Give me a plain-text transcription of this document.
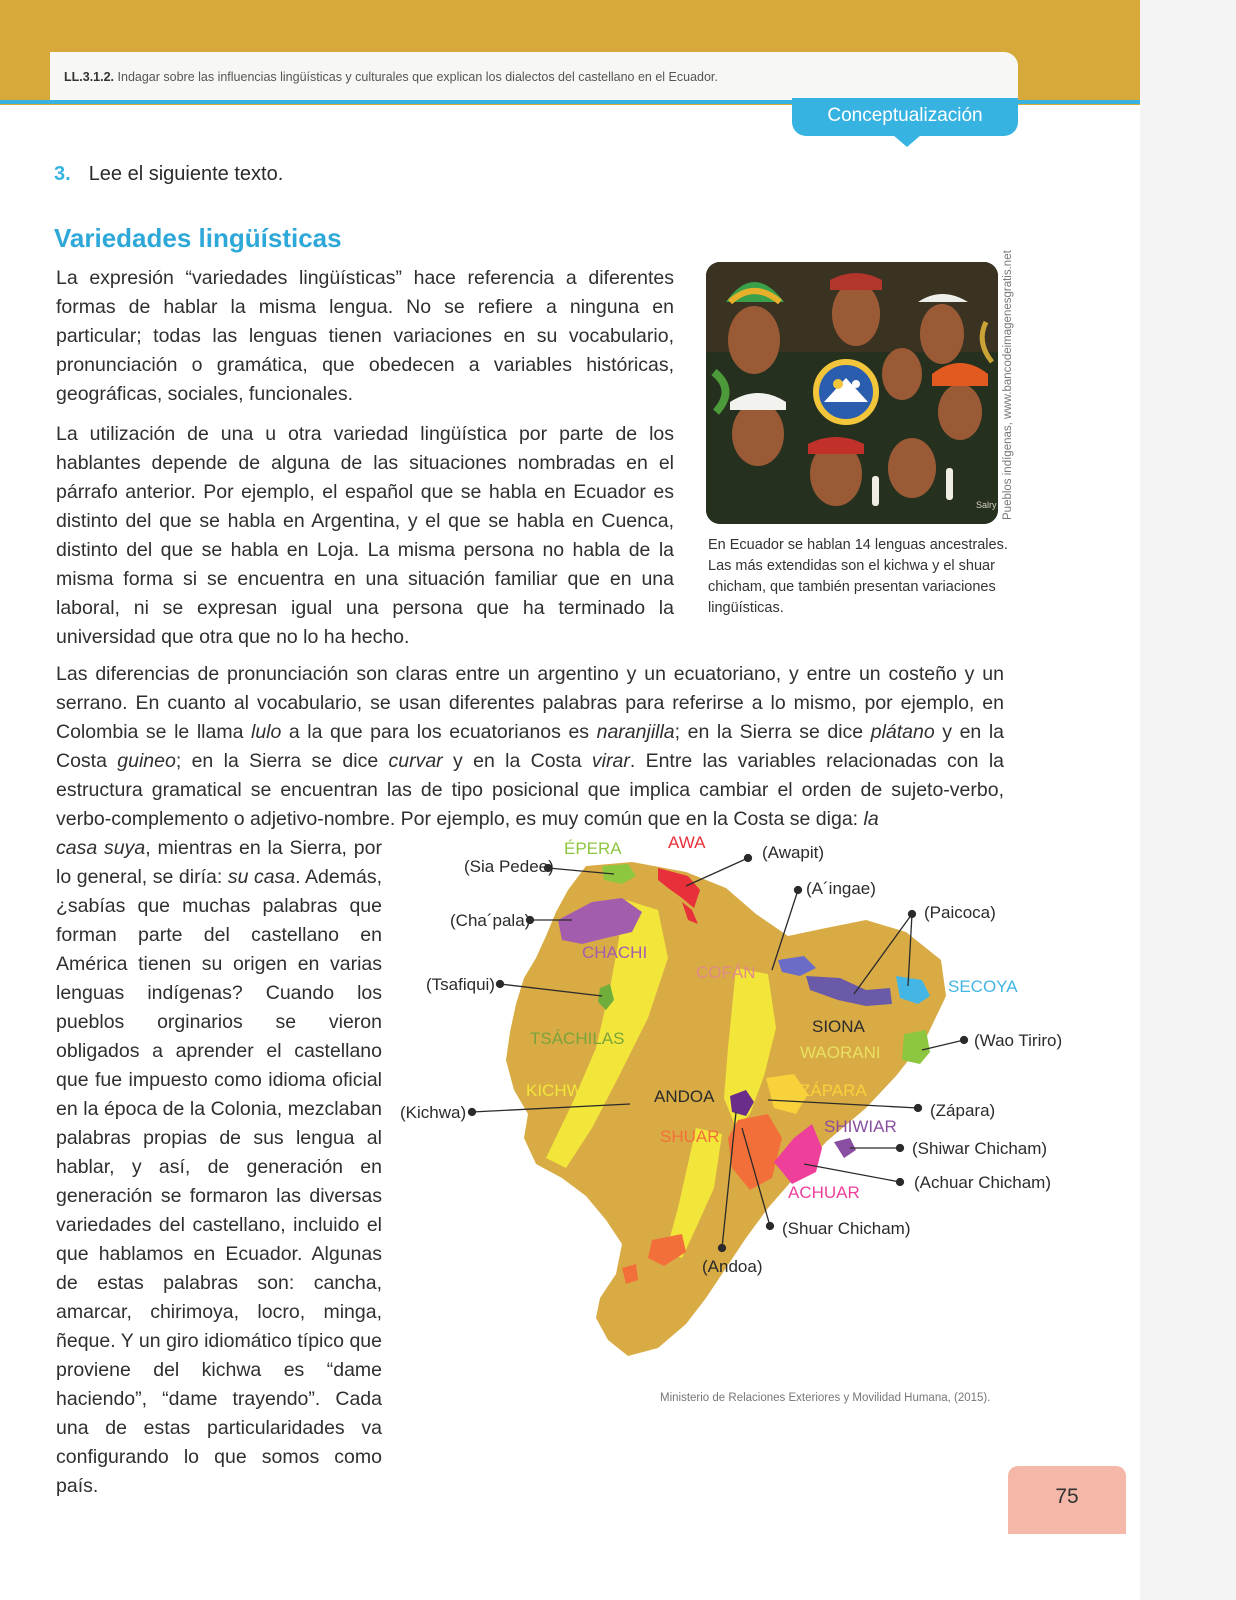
LL.3.1.2. Indagar sobre las influencias lingüísticas y culturales que explican los dialectos del castellano en el Ecuador.
Conceptualización
3. Lee el siguiente texto.
Variedades lingüísticas
La expresión “variedades lingüísticas” hace referencia a diferentes formas de hablar la misma lengua. No se refiere a ninguna en particular; todas las lenguas tienen variaciones en su vocabulario, pronunciación o gramática, que obedecen a variables históricas, geográficas, sociales, funcionales.
La utilización de una u otra variedad lingüística por parte de los hablantes depende de alguna de las situaciones nombradas en el párrafo anterior. Por ejemplo, el español que se habla en Ecuador es distinto del que se habla en Argentina, y el que se habla en Cuenca, distinto del que se habla en Loja. La misma persona no habla de la misma forma si se encuentra en una situación familiar que en una laboral, ni se expresan igual una persona que ha terminado la universidad que otra que no lo ha hecho.
Las diferencias de pronunciación son claras entre un argentino y un ecuatoriano, y entre un costeño y un serrano. En cuanto al vocabulario, se usan diferentes palabras para referirse a lo mismo, por ejemplo, en Colombia se le llama lulo a la que para los ecuatorianos es naranjilla; en la Sierra se dice plátano y en la Costa guineo; en la Sierra se dice curvar y en la Costa virar. Entre las variables relacionadas con la estructura gramatical se encuentran las de tipo posicional que implica cambiar el orden de sujeto-verbo, verbo-complemento o adjetivo-nombre. Por ejemplo, es muy común que en la Costa se diga: la
casa suya, mientras en la Sierra, por lo general, se diría: su casa. Además, ¿sabías que muchas palabras que forman parte del castellano en América tienen su origen en varias lenguas indígenas? Cuando los pueblos orginarios se vieron obligados a aprender el castellano que fue impuesto como idioma oficial en la época de la Colonia, mezclaban palabras propias de sus lengua al hablar, y así, de generación en generación se formaron las diversas variedades del castellano, incluido el que hablamos en Ecuador. Algunas de estas palabras son: cancha, amarcar, chirimoya, locro, minga, ñeque. Y un giro idiomático típico que proviene del kichwa es “dame haciendo”, “dame trayendo”. Cada una de estas particularidades va configurando lo que somos como país.
Salry Pueblos indígenas, www.bancodeimagenesgratis.net
En Ecuador se hablan 14 lenguas ancestrales. Las más extendidas son el kichwa y el shuar chicham, que también presentan variaciones lingüísticas.
ÉPERA	AWA
CHACHI
COFÁN
SECOYA
SIONA
WAORANI
TSÁCHILAS
KICHWAS	ANDOA	ZÁPARA
SHIWIAR
SHUAR
ACHUAR
(Sia Pedee)
(Awapit)
(A´ingae)
(Cha´pala)	(Paicoca)
(Tsafiqui)
(Wao Tiriro)
(Kichwa)	(Zápara)
(Shiwar Chicham)
(Achuar Chicham)
(Shuar Chicham)
(Andoa)
Ministerio de Relaciones Exteriores y Movilidad Humana, (2015).
75
